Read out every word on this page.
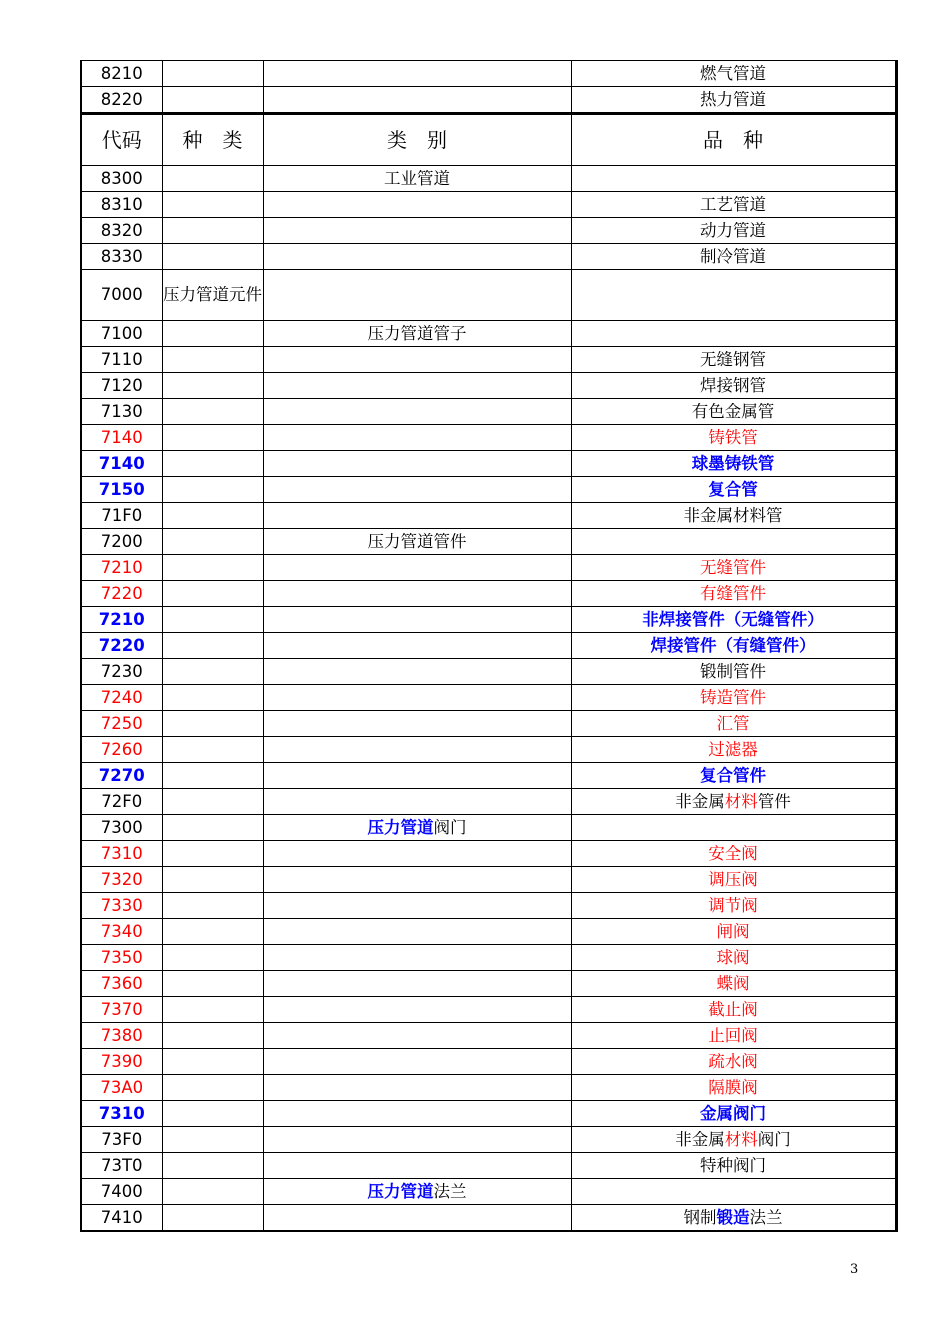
8210			燃气管道
8220			热力管道
代码	种　类	类　别	品　种
8300		工业管道	
8310			工艺管道
8320			动力管道
8330			制冷管道
7000	压力管道元件		
7100		压力管道管子	
7110			无缝钢管
7120			焊接钢管
7130			有色金属管
7140			铸铁管
7140			球墨铸铁管
7150			复合管
71F0			非金属材料管
7200		压力管道管件	
7210			无缝管件
7220			有缝管件
7210			非焊接管件（无缝管件）
7220			焊接管件（有缝管件）
7230			锻制管件
7240			铸造管件
7250			汇管
7260			过滤器
7270			复合管件
72F0			非金属材料管件
7300		压力管道阀门	
7310			安全阀
7320			调压阀
7330			调节阀
7340			闸阀
7350			球阀
7360			蝶阀
7370			截止阀
7380			止回阀
7390			疏水阀
73A0			隔膜阀
7310			金属阀门
73F0			非金属材料阀门
73T0			特种阀门
7400		压力管道法兰	
7410			钢制锻造法兰
3
